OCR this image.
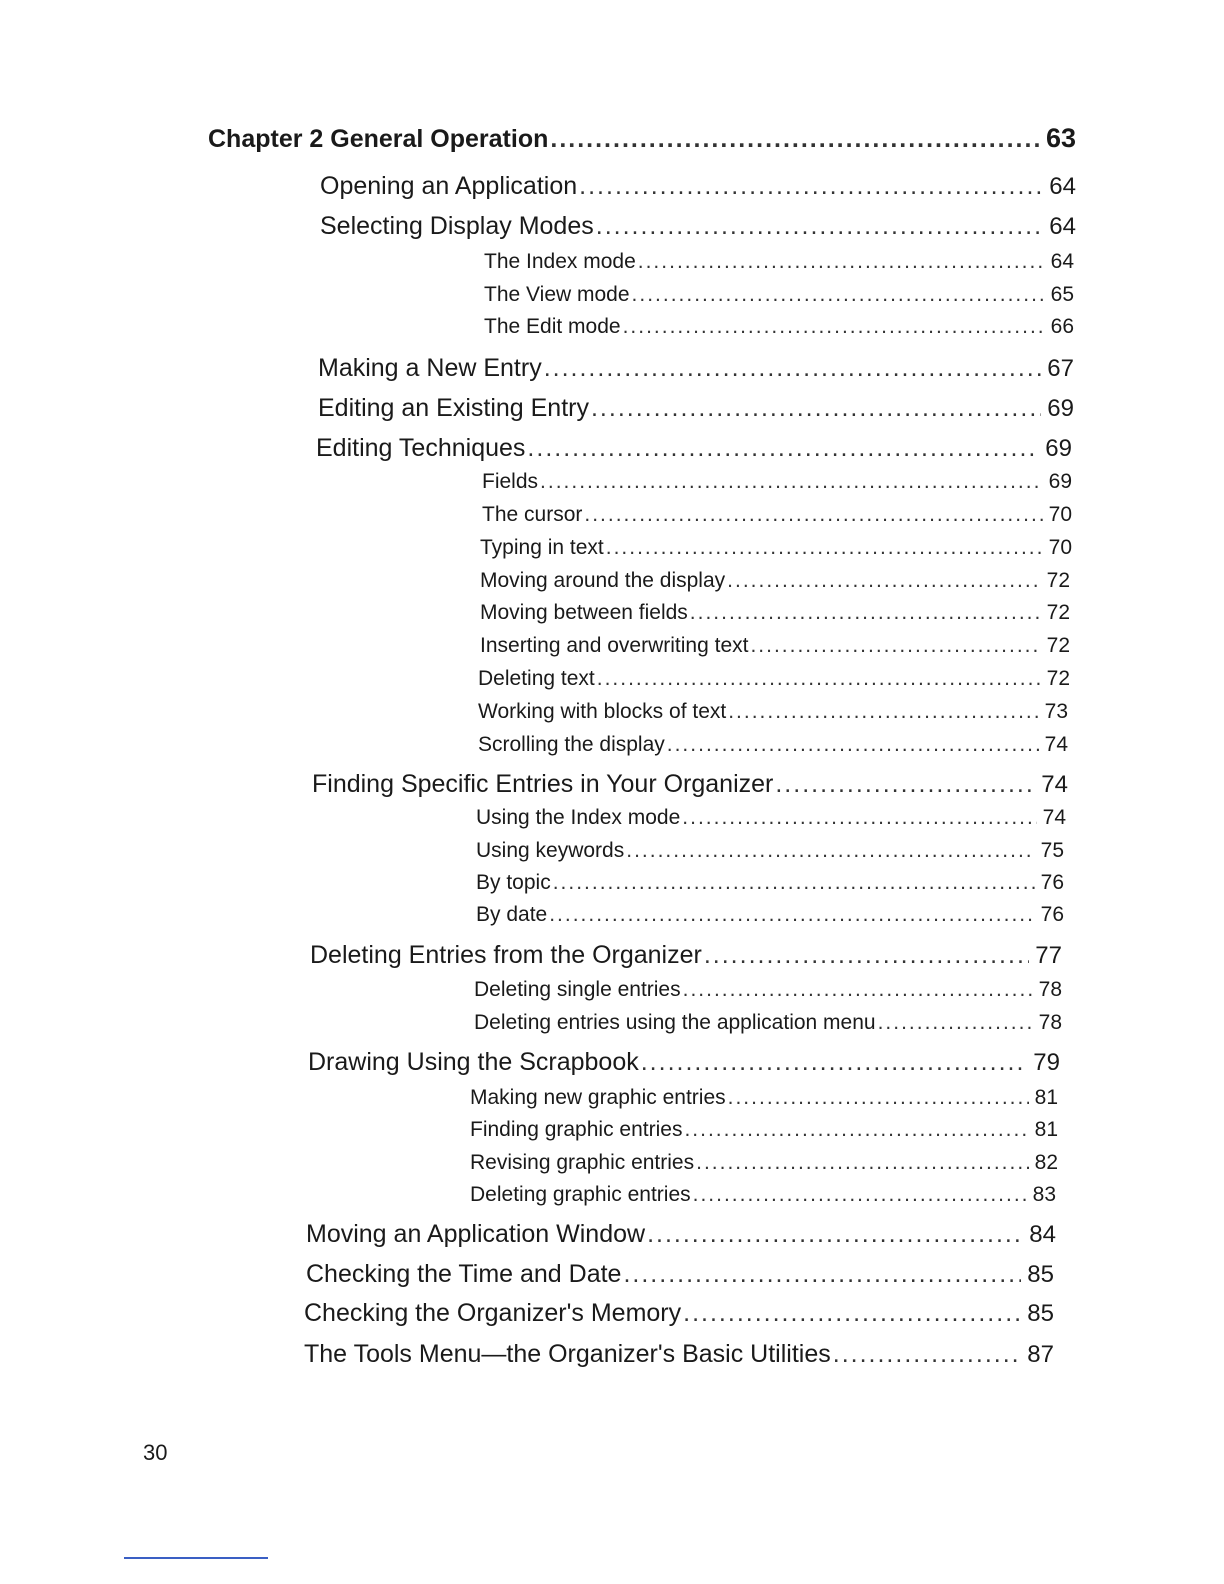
Chapter 2 General Operation .....	63
Opening an Application .....	64
Selecting Display Modes .....	64
The Index mode .....	64
The View mode .....	65
The Edit mode .....	66
Making a New Entry .....	67
Editing an Existing Entry .....	69
Editing Techniques .....	69
Fields .....	69
The cursor .....	70
Typing in text .....	70
Moving around the display .....	72
Moving between fields .....	72
Inserting and overwriting text .....	72
Deleting text .....	72
Working with blocks of text .....	73
Scrolling the display .....	74
Finding Specific Entries in Your Organizer .....	74
Using the Index mode .....	74
Using keywords .....	75
By topic .....	76
By date .....	76
Deleting Entries from the Organizer .....	77
Deleting single entries .....	78
Deleting entries using the application menu .....	78
Drawing Using the Scrapbook .....	79
Making new graphic entries .....	81
Finding graphic entries .....	81
Revising graphic entries .....	82
Deleting graphic entries .....	83
Moving an Application Window .....	84
Checking the Time and Date .....	85
Checking the Organizer's Memory .....	85
The Tools Menu—the Organizer's Basic Utilities .....	87
30
